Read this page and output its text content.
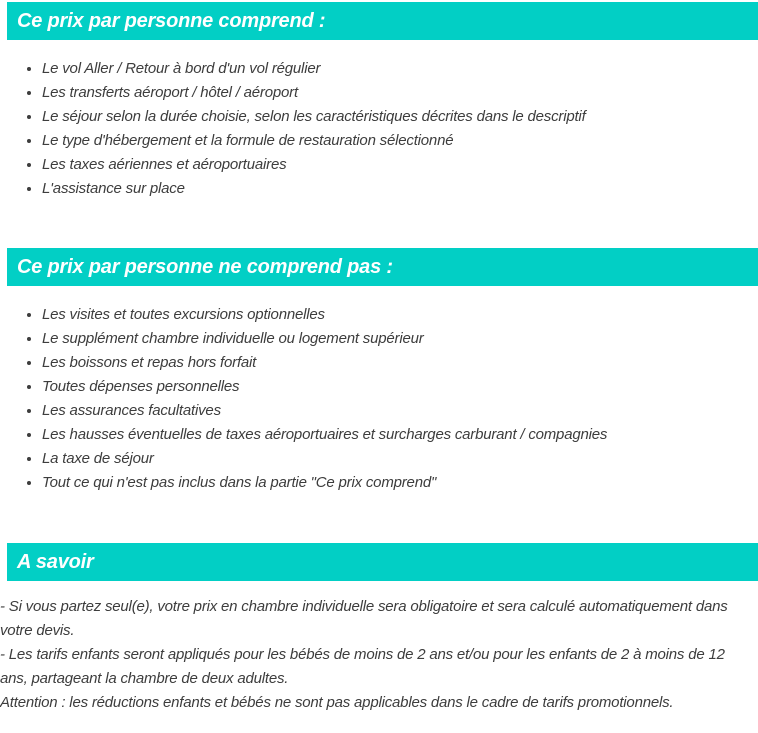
Ce prix par personne comprend :
• Le vol Aller / Retour à bord d'un vol régulier
• Les transferts aéroport / hôtel / aéroport
• Le séjour selon la durée choisie, selon les caractéristiques décrites dans le descriptif
• Le type d'hébergement et la formule de restauration sélectionné
• Les taxes aériennes et aéroportuaires
• L'assistance sur place
Ce prix par personne ne comprend pas :
• Les visites et toutes excursions optionnelles
• Le supplément chambre individuelle ou logement supérieur
• Les boissons et repas hors forfait
• Toutes dépenses personnelles
• Les assurances facultatives
• Les hausses éventuelles de taxes aéroportuaires et surcharges carburant / compagnies
• La taxe de séjour
• Tout ce qui n'est pas inclus dans la partie "Ce prix comprend"
A savoir

- Si vous partez seul(e), votre prix en chambre individuelle sera obligatoire et sera calculé automatiquement dans votre devis.

- Les tarifs enfants seront appliqués pour les bébés de moins de 2 ans et/ou pour les enfants de 2 à moins de 12 ans, partageant la chambre de deux adultes.

Attention : les réductions enfants et bébés ne sont pas applicables dans le cadre de tarifs promotionnels.
